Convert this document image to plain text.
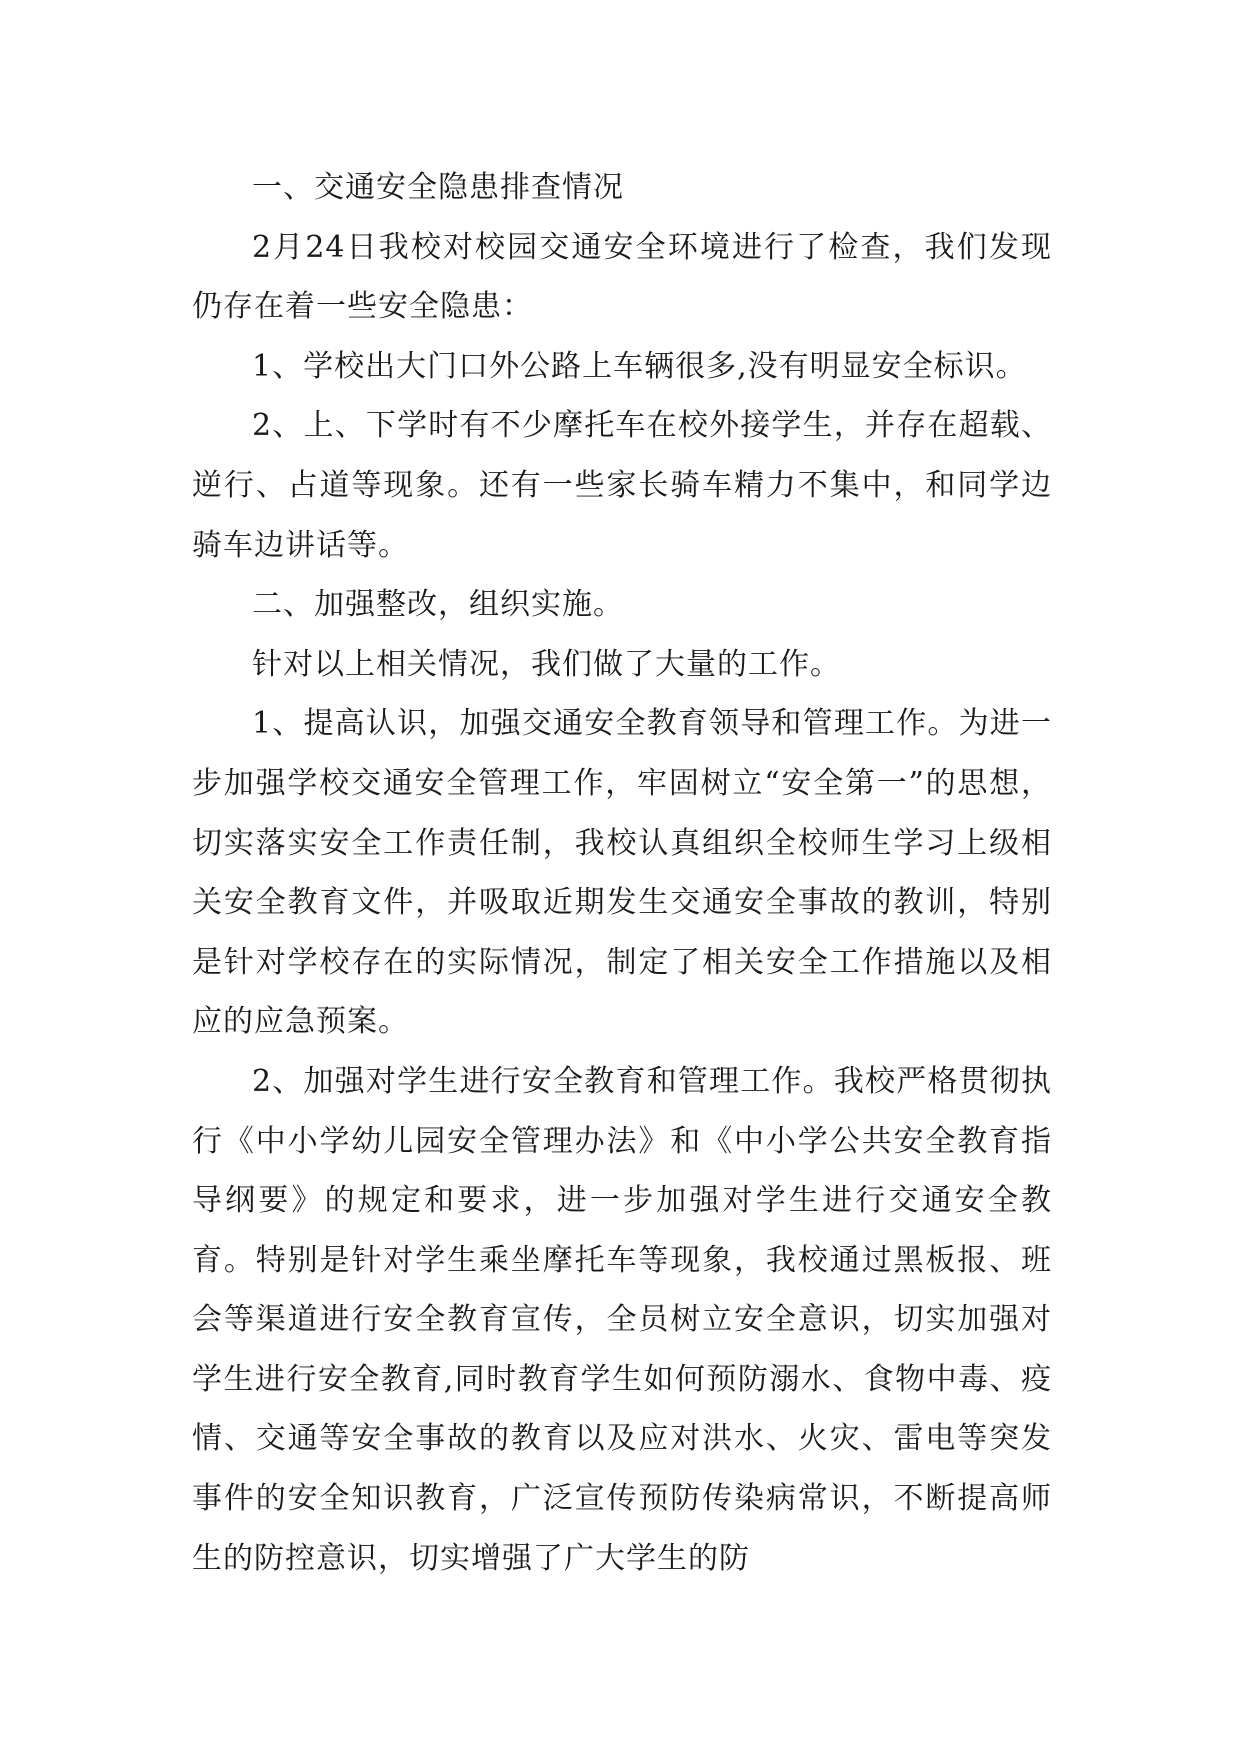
一、交通安全隐患排查情况

2月24日我校对校园交通安全环境进行了检查，我们发现仍存在着一些安全隐患：

1、学校出大门口外公路上车辆很多,没有明显安全标识。

2、上、下学时有不少摩托车在校外接学生，并存在超载、逆行、占道等现象。还有一些家长骑车精力不集中，和同学边骑车边讲话等。

二、加强整改，组织实施。

针对以上相关情况，我们做了大量的工作。

1、提高认识，加强交通安全教育领导和管理工作。为进一步加强学校交通安全管理工作，牢固树立“安全第一”的思想，切实落实安全工作责任制，我校认真组织全校师生学习上级相关安全教育文件，并吸取近期发生交通安全事故的教训，特别是针对学校存在的实际情况，制定了相关安全工作措施以及相应的应急预案。

2、加强对学生进行安全教育和管理工作。我校严格贯彻执行《中小学幼儿园安全管理办法》和《中小学公共安全教育指导纲要》的规定和要求，进一步加强对学生进行交通安全教育。特别是针对学生乘坐摩托车等现象，我校通过黑板报、班会等渠道进行安全教育宣传，全员树立安全意识，切实加强对学生进行安全教育,同时教育学生如何预防溺水、食物中毒、疫情、交通等安全事故的教育以及应对洪水、火灾、雷电等突发事件的安全知识教育，广泛宣传预防传染病常识，不断提高师生的防控意识，切实增强了广大学生的防
